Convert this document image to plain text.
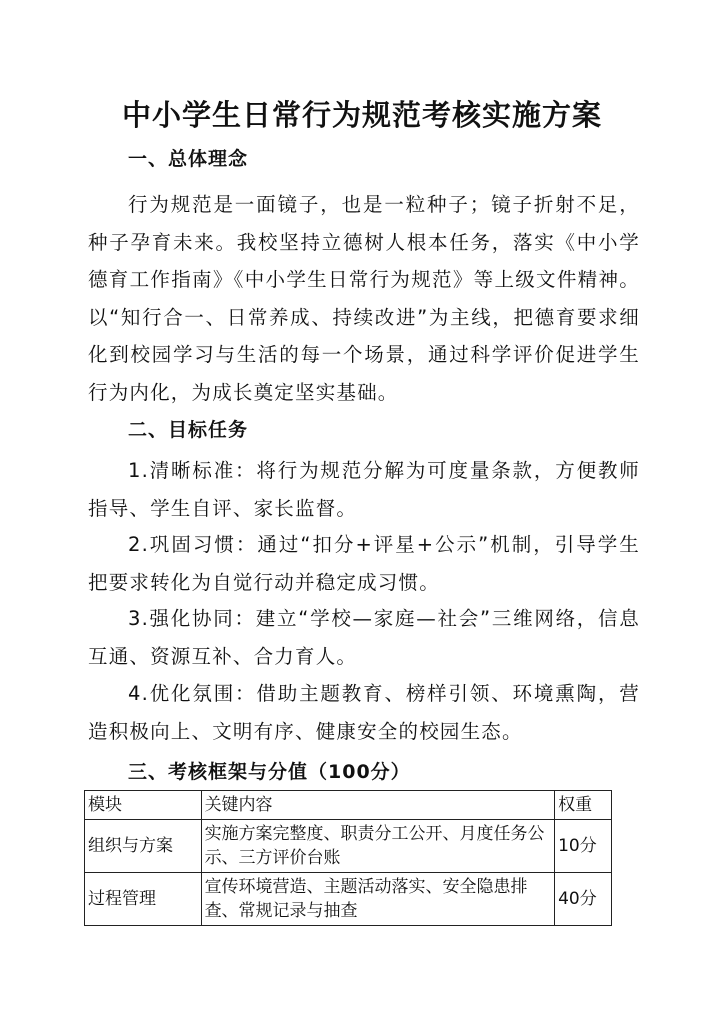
中小学生日常行为规范考核实施方案
一、总体理念

行为规范是一面镜子，也是一粒种子；镜子折射不足，种子孕育未来。我校坚持立德树人根本任务，落实《中小学德育工作指南》《中小学生日常行为规范》等上级文件精神。以“知行合一、日常养成、持续改进”为主线，把德育要求细化到校园学习与生活的每一个场景，通过科学评价促进学生行为内化，为成长奠定坚实基础。

二、目标任务

1.清晰标准：将行为规范分解为可度量条款，方便教师指导、学生自评、家长监督。

2.巩固习惯：通过“扣分+评星+公示”机制，引导学生把要求转化为自觉行动并稳定成习惯。

3.强化协同：建立“学校—家庭—社会”三维网络，信息互通、资源互补、合力育人。

4.优化氛围：借助主题教育、榜样引领、环境熏陶，营造积极向上、文明有序、健康安全的校园生态。

三、考核框架与分值（100分）
模块	关键内容	权重
组织与方案	实施方案完整度、职责分工公开、月度任务公示、三方评价台账	10分
过程管理	宣传环境营造、主题活动落实、安全隐患排查、常规记录与抽查	40分
